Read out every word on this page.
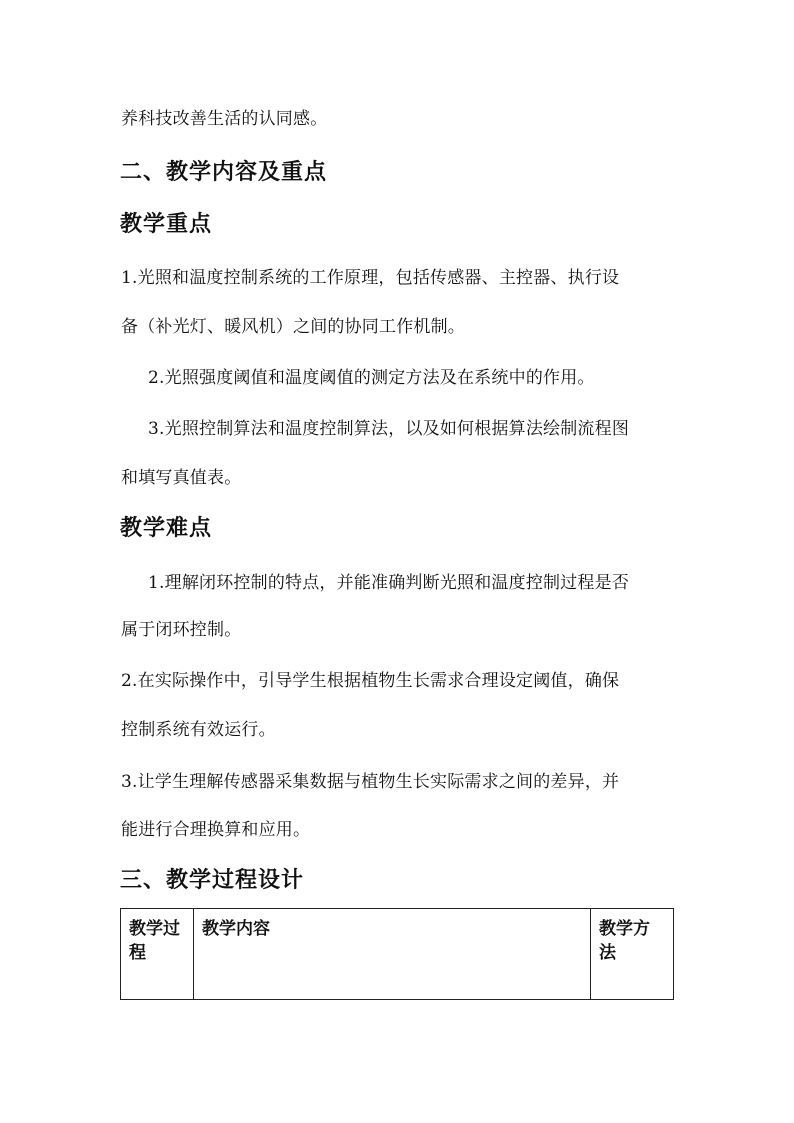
养科技改善生活的认同感。
二、教学内容及重点
教学重点
1.光照和温度控制系统的工作原理，包括传感器、主控器、执行设
备（补光灯、暖风机）之间的协同工作机制。
2.光照强度阈值和温度阈值的测定方法及在系统中的作用。
3.光照控制算法和温度控制算法，以及如何根据算法绘制流程图
和填写真值表。
教学难点
1.理解闭环控制的特点，并能准确判断光照和温度控制过程是否
属于闭环控制。
2.在实际操作中，引导学生根据植物生长需求合理设定阈值，确保
控制系统有效运行。
3.让学生理解传感器采集数据与植物生长实际需求之间的差异，并
能进行合理换算和应用。
三、教学过程设计
教学过程	教学内容	教学方法
